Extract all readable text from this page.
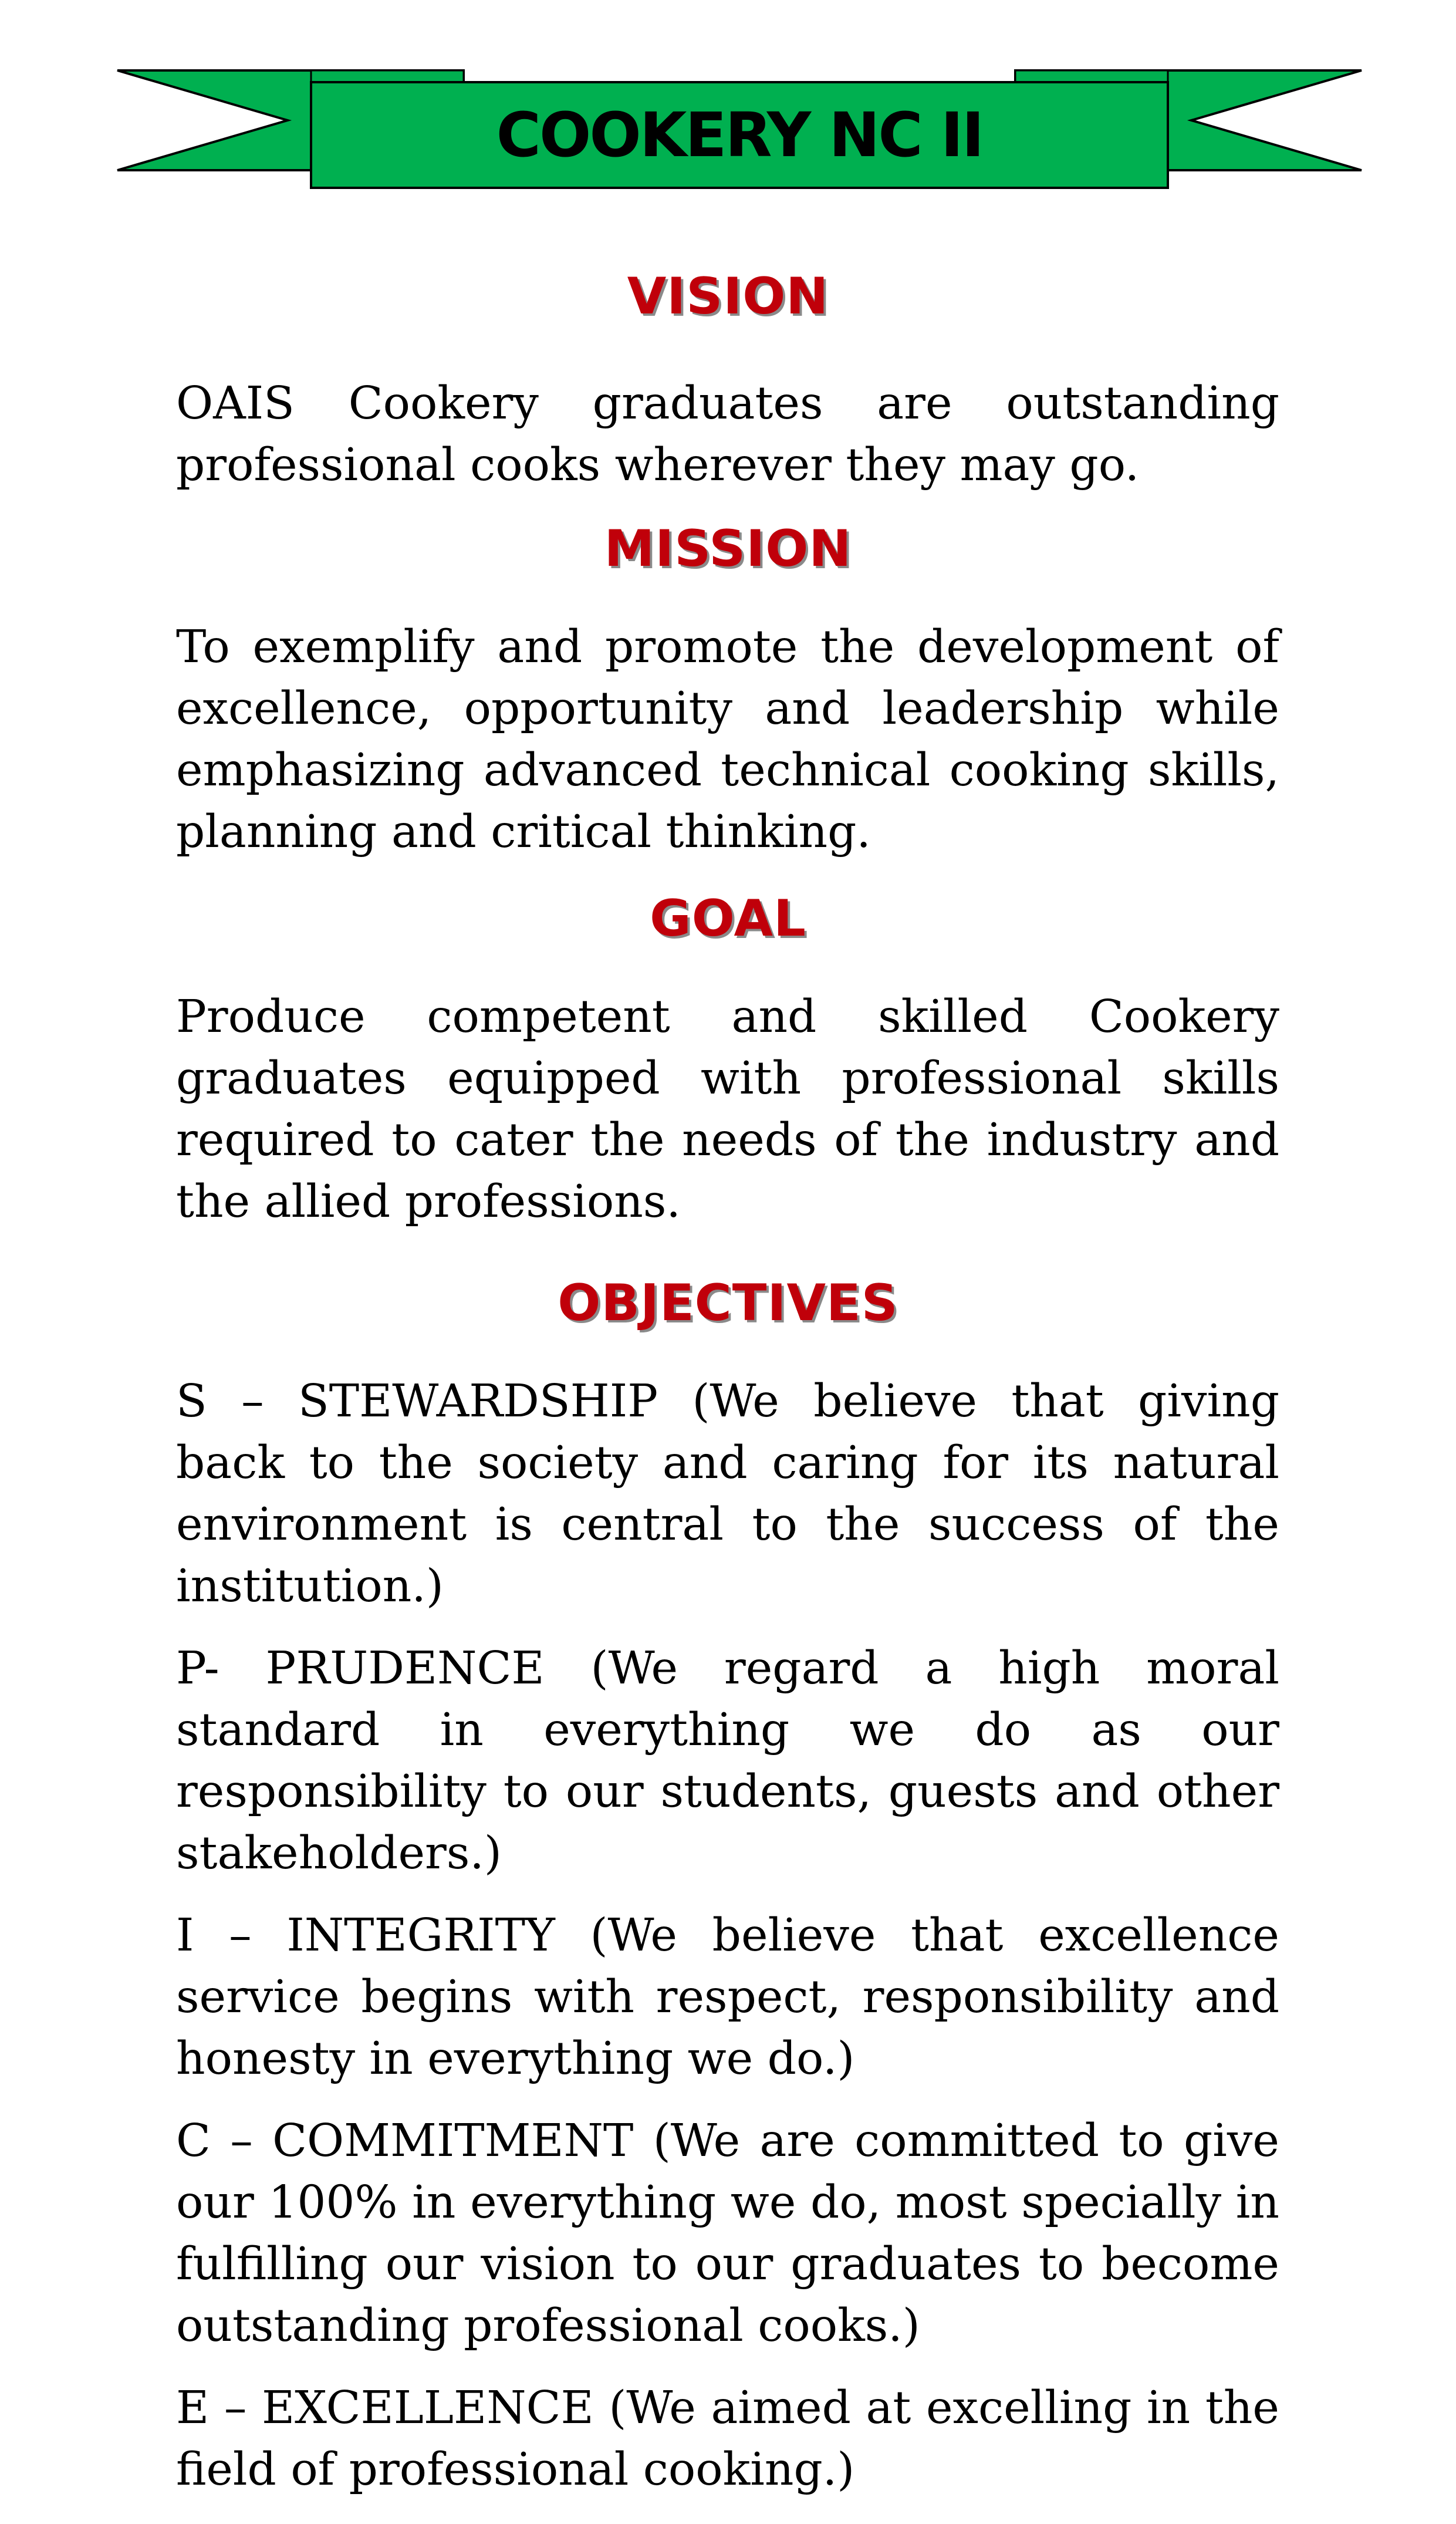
COOKERY NC II
VISION

OAIS Cookery graduates are outstanding professional cooks wherever they may go.

MISSION

To exemplify and promote the development of excellence, opportunity and leadership while emphasizing advanced technical cooking skills, planning and critical thinking.

GOAL

Produce competent and skilled Cookery graduates equipped with professional skills required to cater the needs of the industry and the allied professions.

OBJECTIVES

S – STEWARDSHIP (We believe that giving back to the society and caring for its natural environment is central to the success of the institution.)

P- PRUDENCE (We regard a high moral standard in everything we do as our responsibility to our students, guests and other stakeholders.)

I – INTEGRITY (We believe that excellence service begins with respect, responsibility and honesty in everything we do.)

C – COMMITMENT (We are committed to give our 100% in everything we do, most specially in fulfilling our vision to our graduates to become outstanding professional cooks.)

E – EXCELLENCE (We aimed at excelling in the field of professional cooking.)
